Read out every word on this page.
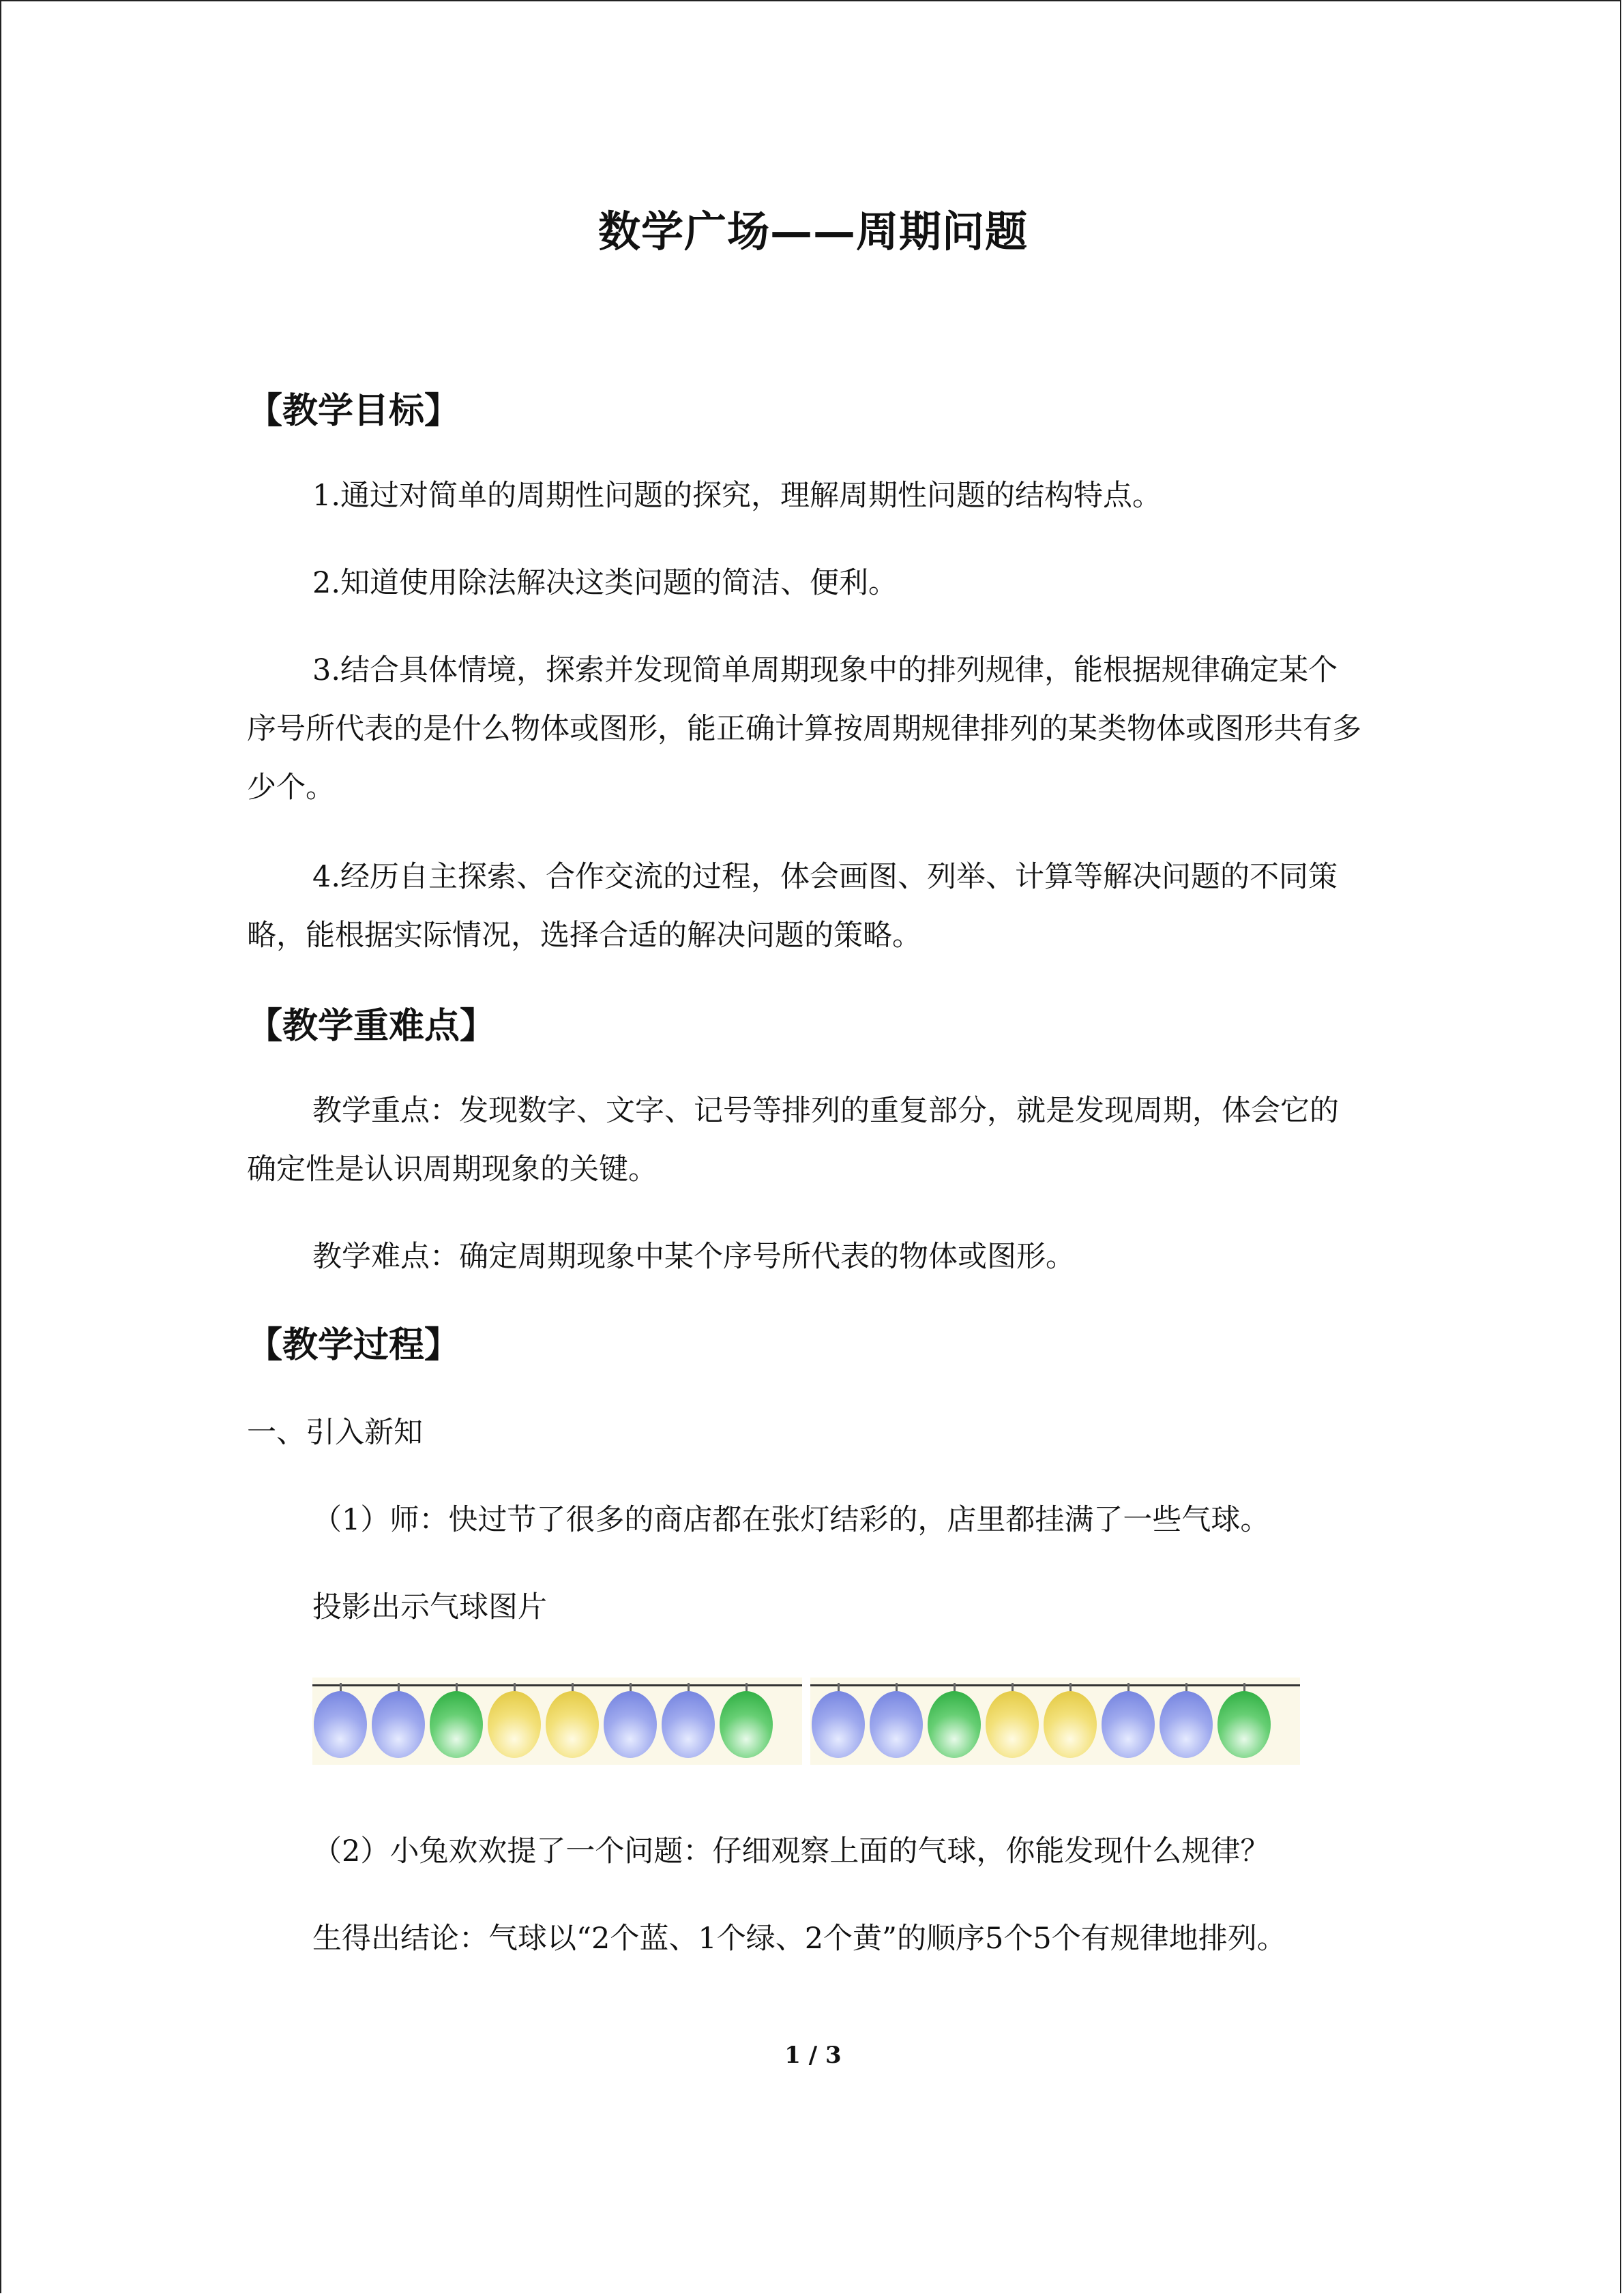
数学广场——周期问题
【教学目标】
1.通过对简单的周期性问题的探究，理解周期性问题的结构特点。
2.知道使用除法解决这类问题的简洁、便利。
3.结合具体情境，探索并发现简单周期现象中的排列规律，能根据规律确定某个序号所代表的是什么物体或图形，能正确计算按周期规律排列的某类物体或图形共有多少个。
4.经历自主探索、合作交流的过程，体会画图、列举、计算等解决问题的不同策略，能根据实际情况，选择合适的解决问题的策略。
【教学重难点】
教学重点：发现数字、文字、记号等排列的重复部分，就是发现周期，体会它的确定性是认识周期现象的关键。
教学难点：确定周期现象中某个序号所代表的物体或图形。
【教学过程】
一、引入新知
（1）师：快过节了很多的商店都在张灯结彩的，店里都挂满了一些气球。
投影出示气球图片
（2）小兔欢欢提了一个问题：仔细观察上面的气球，你能发现什么规律？
生得出结论：气球以“2个蓝、1个绿、2个黄”的顺序5个5个有规律地排列。
1 / 3
